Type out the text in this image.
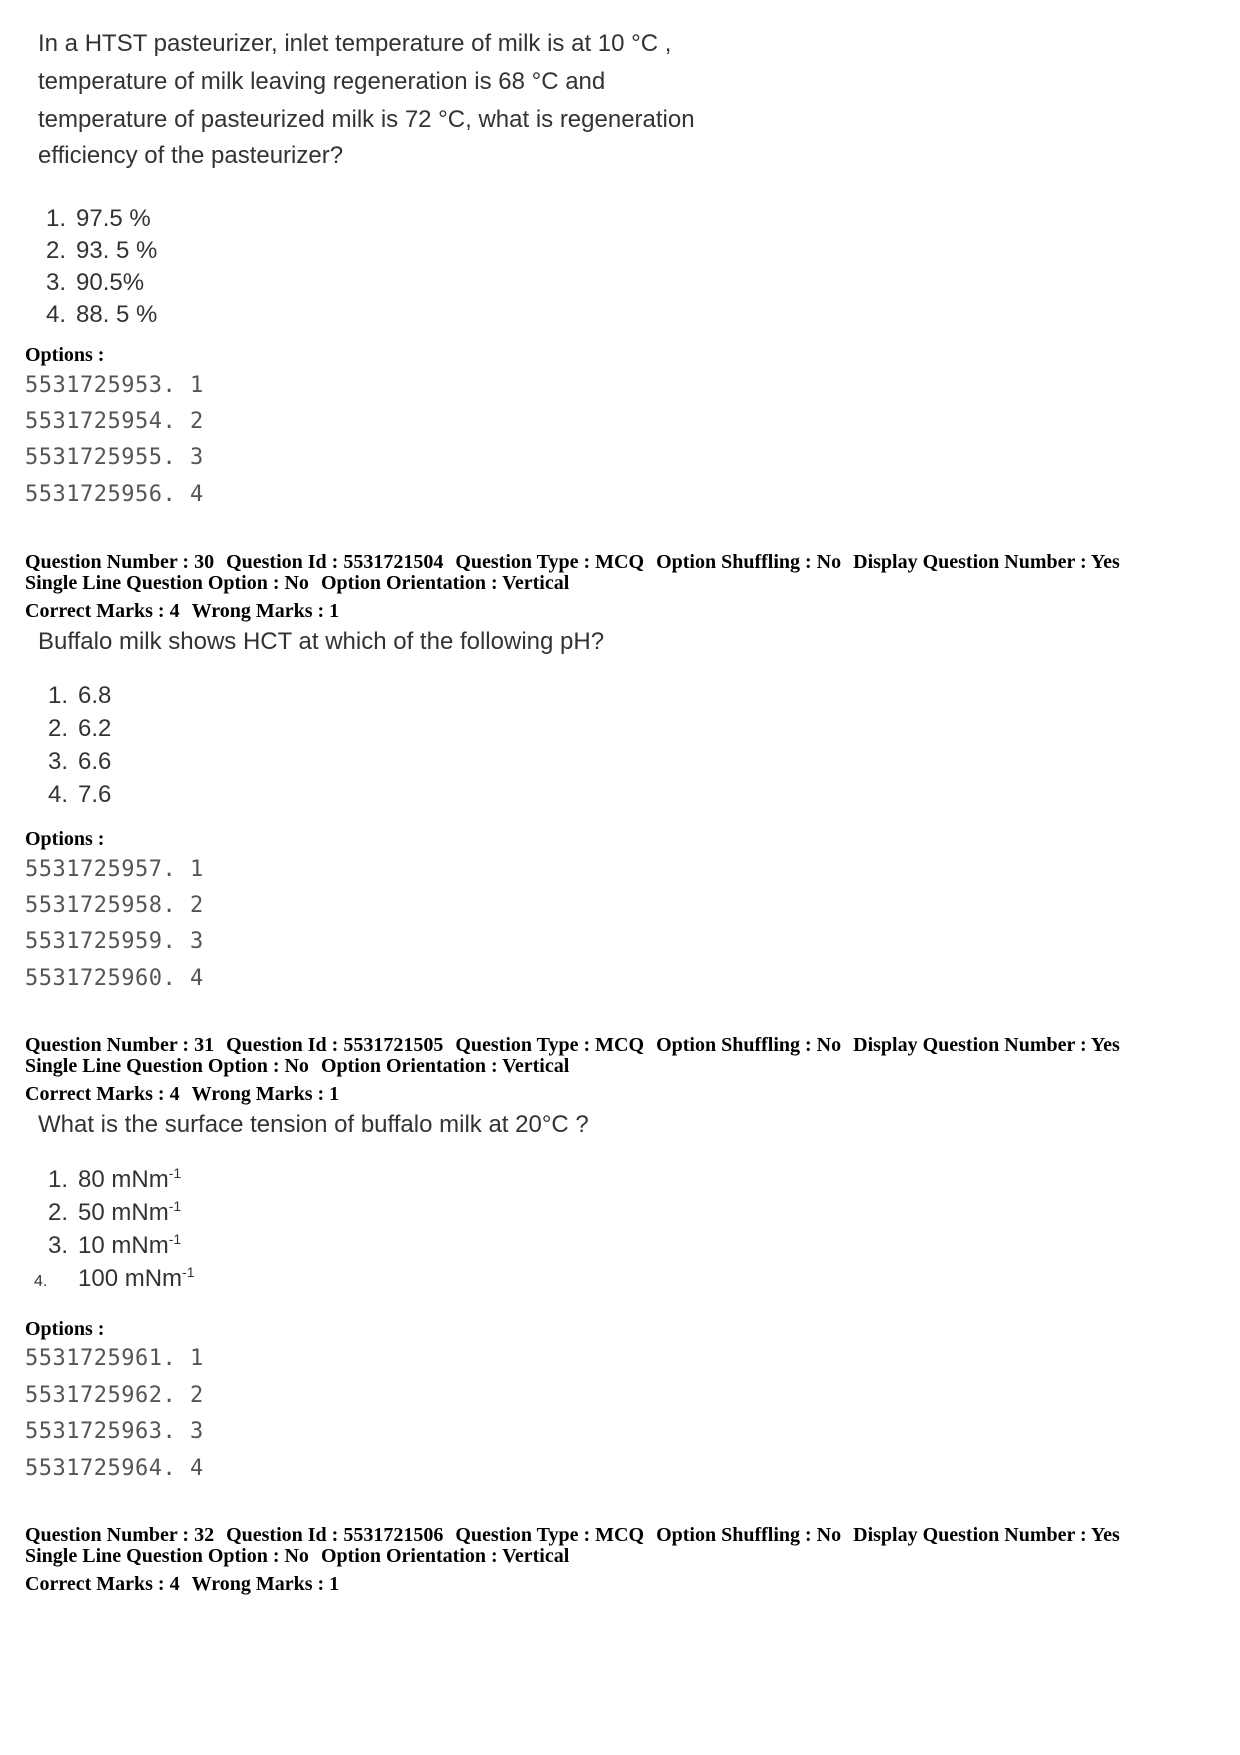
In a HTST pasteurizer, inlet temperature of milk is at 10 °C ,
temperature of milk leaving regeneration is 68 °C and
temperature of pasteurized milk is 72 °C, what is regeneration
efficiency of the pasteurizer?
1. 97.5 %
2. 93. 5 %
3. 90.5%
4. 88. 5 %
Options :
5531725953. 1
5531725954. 2
5531725955. 3
5531725956. 4
Question Number : 30 Question Id : 5531721504 Question Type : MCQ Option Shuffling : No Display Question Number : Yes
Single Line Question Option : No Option Orientation : Vertical
Correct Marks : 4 Wrong Marks : 1
Buffalo milk shows HCT at which of the following pH?
1. 6.8
2. 6.2
3. 6.6
4. 7.6
Options :
5531725957. 1
5531725958. 2
5531725959. 3
5531725960. 4
Question Number : 31 Question Id : 5531721505 Question Type : MCQ Option Shuffling : No Display Question Number : Yes
Single Line Question Option : No Option Orientation : Vertical
Correct Marks : 4 Wrong Marks : 1
What is the surface tension of buffalo milk at 20°C ?
1. 80 mNm$^{-1}$
2. 50 mNm$^{-1}$
3. 10 mNm$^{-1}$
4. 100 mNm$^{-1}$
Options :
5531725961. 1
5531725962. 2
5531725963. 3
5531725964. 4
Question Number : 32 Question Id : 5531721506 Question Type : MCQ Option Shuffling : No Display Question Number : Yes
Single Line Question Option : No Option Orientation : Vertical
Correct Marks : 4 Wrong Marks : 1
